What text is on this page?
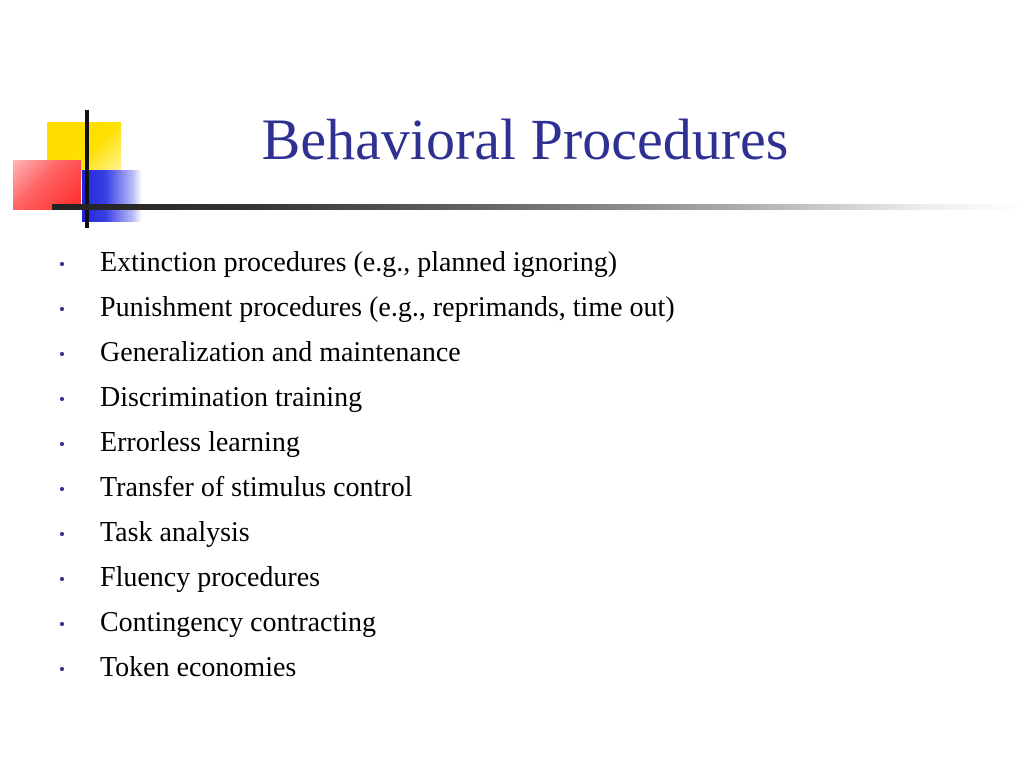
Behavioral Procedures
Extinction procedures (e.g., planned ignoring)
Punishment procedures (e.g., reprimands, time out)
Generalization and maintenance
Discrimination training
Errorless learning
Transfer of stimulus control
Task analysis
Fluency procedures
Contingency contracting
Token economies
